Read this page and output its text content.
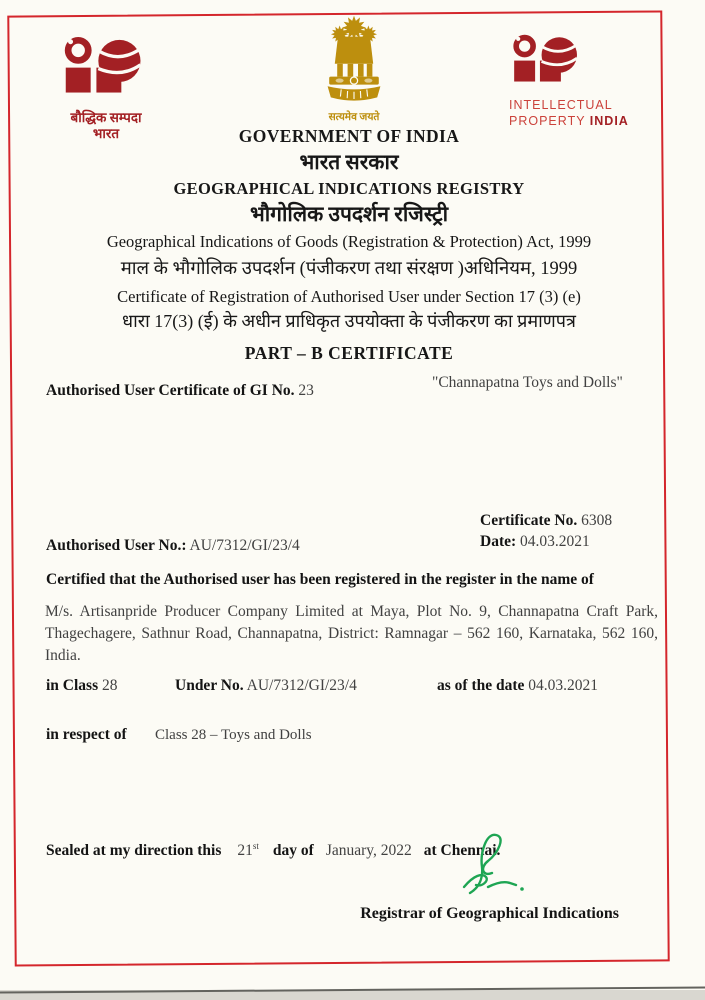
बौद्धिक सम्पदा
भारत
सत्यमेव जयते
INTELLECTUAL
PROPERTY INDIA
GOVERNMENT OF INDIA
भारत सरकार
GEOGRAPHICAL INDICATIONS REGISTRY
भौगोलिक उपदर्शन रजिस्ट्री
Geographical Indications of Goods (Registration & Protection) Act, 1999
माल के भौगोलिक उपदर्शन (पंजीकरण तथा संरक्षण )अधिनियम, 1999
Certificate of Registration of Authorised User under Section 17 (3) (e)
धारा 17(3) (ई) के अधीन प्राधिकृत उपयोक्ता के पंजीकरण का प्रमाणपत्र
PART – B CERTIFICATE
Authorised User Certificate of GI No. 23	"Channapatna Toys and Dolls"
Certificate No. 6308
Date: 04.03.2021
Authorised User No.: AU/7312/GI/23/4
Certified that the Authorised user has been registered in the register in the name of
M/s. Artisanpride Producer Company Limited at Maya, Plot No. 9, Channapatna Craft Park, Thagechagere, Sathnur Road, Channapatna, District: Ramnagar – 562 160, Karnataka, 562 160, India.
in Class 28	Under No. AU/7312/GI/23/4	as of the date 04.03.2021
in respect of Class 28 – Toys and Dolls
Sealed at my direction this 21st day of January, 2022 at Chennai.
Registrar of Geographical Indications
